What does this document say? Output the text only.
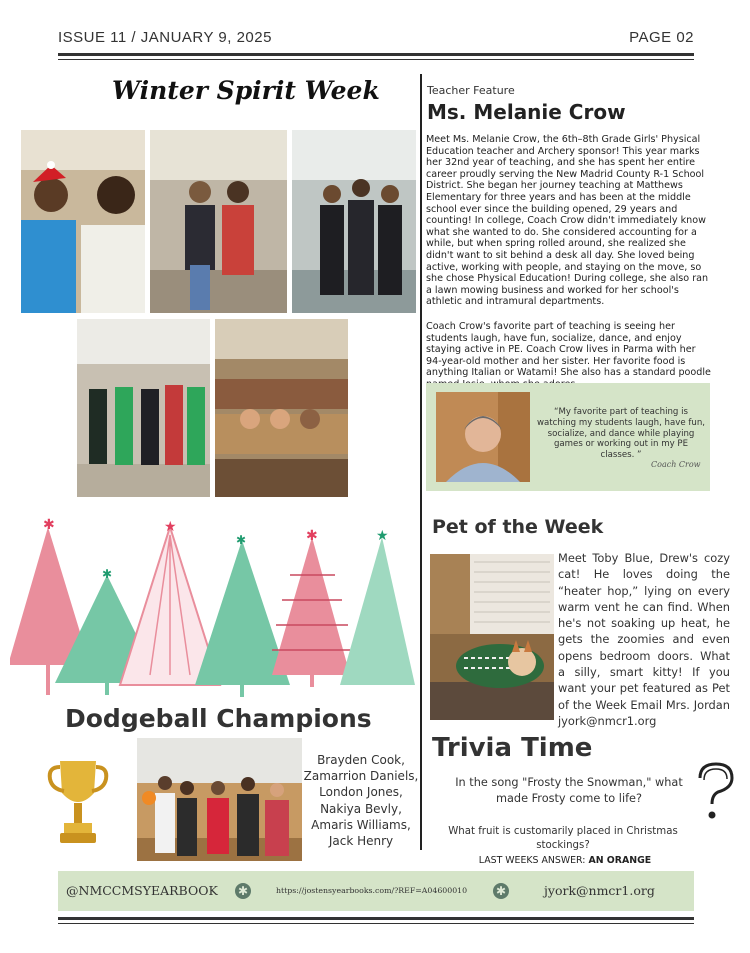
ISSUE 11 / JANUARY 9, 2025	PAGE 02
Winter Spirit Week	Teacher Feature
Ms. Melanie Crow
Meet Ms. Melanie Crow, the 6th–8th Grade Girls' Physical Education teacher and Archery sponsor! This year marks her 32nd year of teaching, and she has spent her entire career proudly serving the New Madrid County R-1 School District. She began her journey teaching at Matthews Elementary for three years and has been at the middle school ever since the building opened, 29 years and counting! In college, Coach Crow didn't immediately know what she wanted to do. She considered accounting for a while, but when spring rolled around, she realized she didn't want to sit behind a desk all day. She loved being active, working with people, and staying on the move, so she chose Physical Education! During college, she also ran a lawn mowing business and worked for her school's athletic and intramural departments.
Coach Crow's favorite part of teaching is seeing her students laugh, have fun, socialize, dance, and enjoy staying active in PE. Coach Crow lives in Parma with her 94-year-old mother and her sister. Her favorite food is anything Italian or Watami! She also has a standard poodle
“My favorite part of teaching is watching my students laugh, have fun, socialize, and dance while playing games or working out in my PE classes. ”
Coach Crow
✱
✱
★
✱	✱	★
Dodgeball Champions
Brayden Cook,
Zamarrion Daniels,
London Jones,
Nakiya Bevly,
Amaris Williams,
Jack Henry
Pet of the Week
Meet Toby Blue, Drew's cozy cat! He loves doing the “heater hop,” lying on every warm vent he can find. When he's not soaking up heat, he gets the zoomies and even opens bedroom doors. What a silly, smart kitty! If you want your pet featured as Pet of the Week Email Mrs. Jordan jyork@nmcr1.org
Trivia Time
In the song "Frosty the Snowman," what made Frosty come to life?
What fruit is customarily placed in Christmas stockings?
LAST WEEKS ANSWER: AN ORANGE
@NMCCMSYEARBOOK ✱	https://jostensyearbooks.com/?REF=A04600010 ✱	jyork@nmcr1.org
